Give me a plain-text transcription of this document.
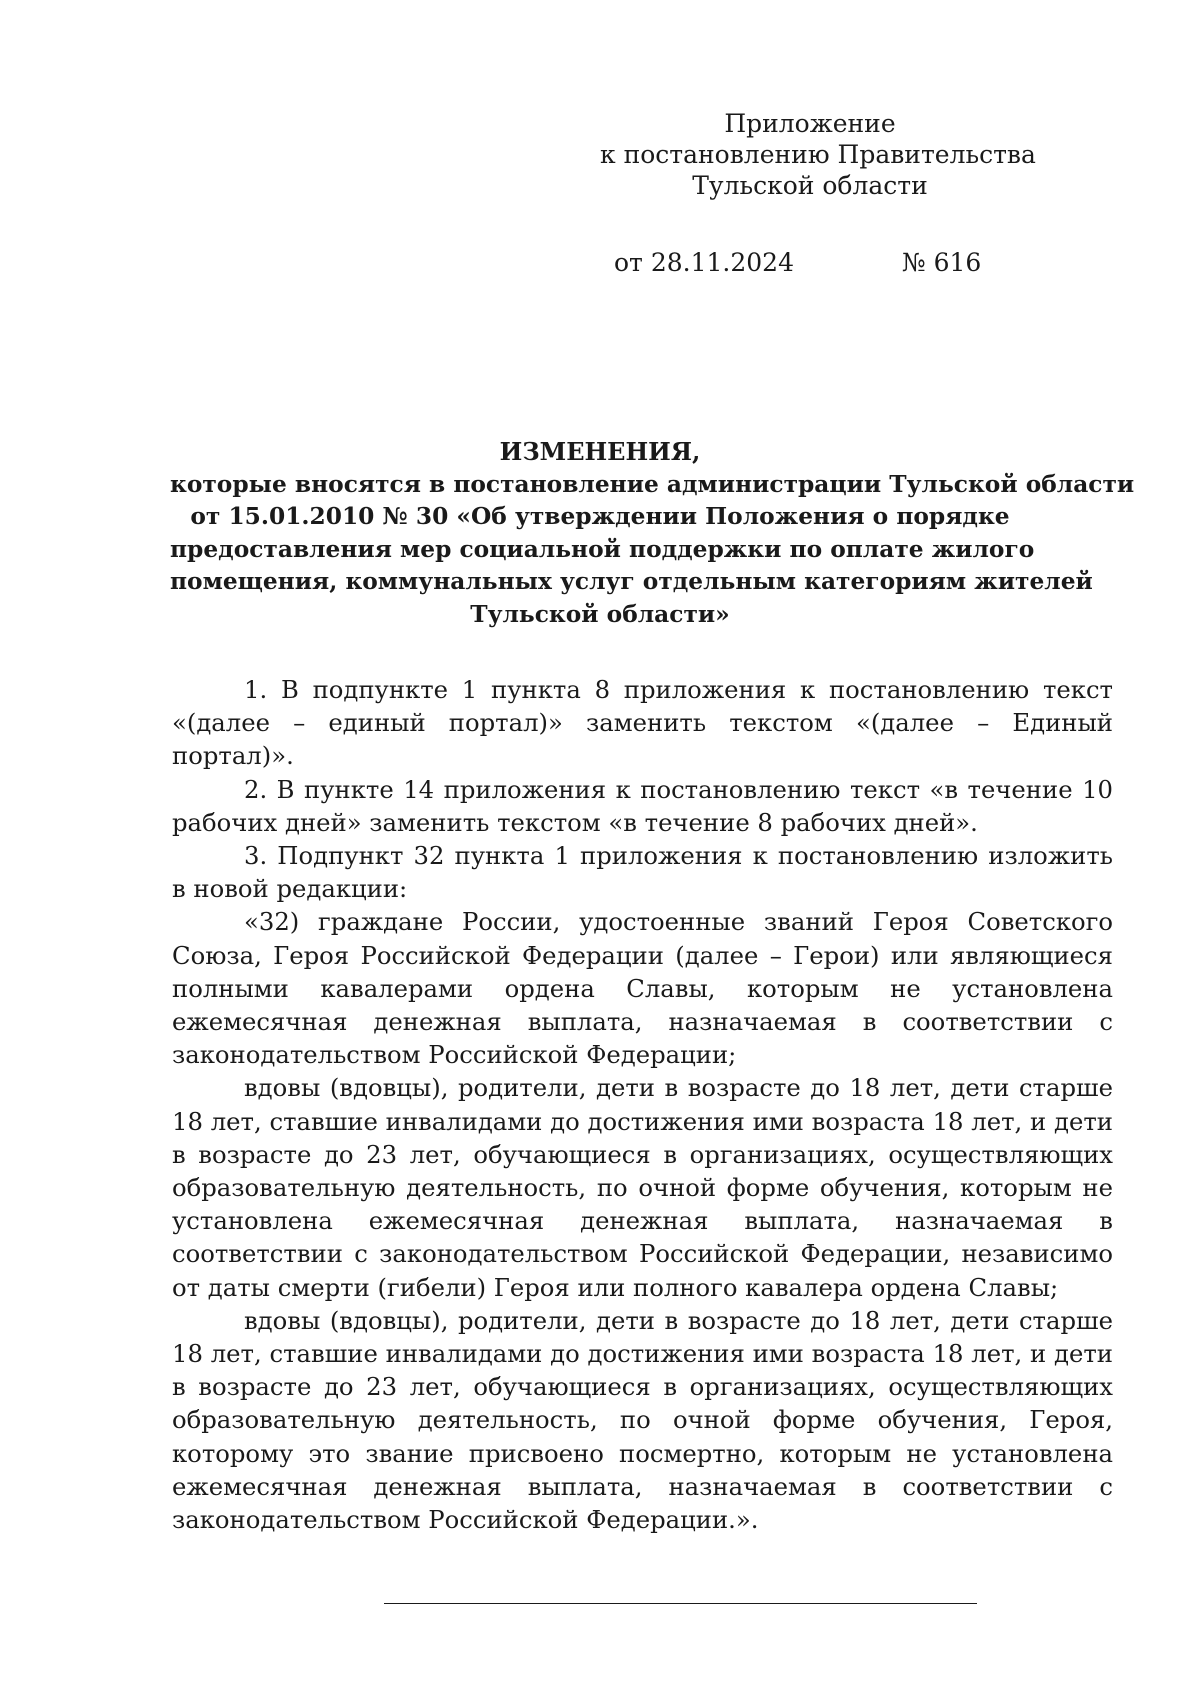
Приложение
к постановлению Правительства
Тульской области
от 28.11.2024	№ 616
ИЗМЕНЕНИЯ,
которые вносятся в постановление администрации Тульской области
от 15.01.2010 № 30 «Об утверждении Положения о порядке
предоставления мер социальной поддержки по оплате жилого
помещения, коммунальных услуг отдельным категориям жителей
Тульской области»

1. В подпункте 1 пункта 8 приложения к постановлению текст «(далее – единый портал)» заменить текстом «(далее – Единый портал)».

2. В пункте 14 приложения к постановлению текст «в течение 10 рабочих дней» заменить текстом «в течение 8 рабочих дней».

3. Подпункт 32 пункта 1 приложения к постановлению изложить в новой редакции:

«32) граждане России, удостоенные званий Героя Советского Союза, Героя Российской Федерации (далее – Герои) или являющиеся полными кавалерами ордена Славы, которым не установлена ежемесячная денежная выплата, назначаемая в соответствии с законодательством Российской Федерации;

вдовы (вдовцы), родители, дети в возрасте до 18 лет, дети старше 18 лет, ставшие инвалидами до достижения ими возраста 18 лет, и дети в возрасте до 23 лет, обучающиеся в организациях, осуществляющих образовательную деятельность, по очной форме обучения, которым не установлена ежемесячная денежная выплата, назначаемая в соответствии с законодательством Российской Федерации, независимо от даты смерти (гибели) Героя или полного кавалера ордена Славы;

вдовы (вдовцы), родители, дети в возрасте до 18 лет, дети старше 18 лет, ставшие инвалидами до достижения ими возраста 18 лет, и дети в возрасте до 23 лет, обучающиеся в организациях, осуществляющих образовательную деятельность, по очной форме обучения, Героя, которому это звание присвоено посмертно, которым не установлена ежемесячная денежная выплата, назначаемая в соответствии с законодательством Российской Федерации.».
